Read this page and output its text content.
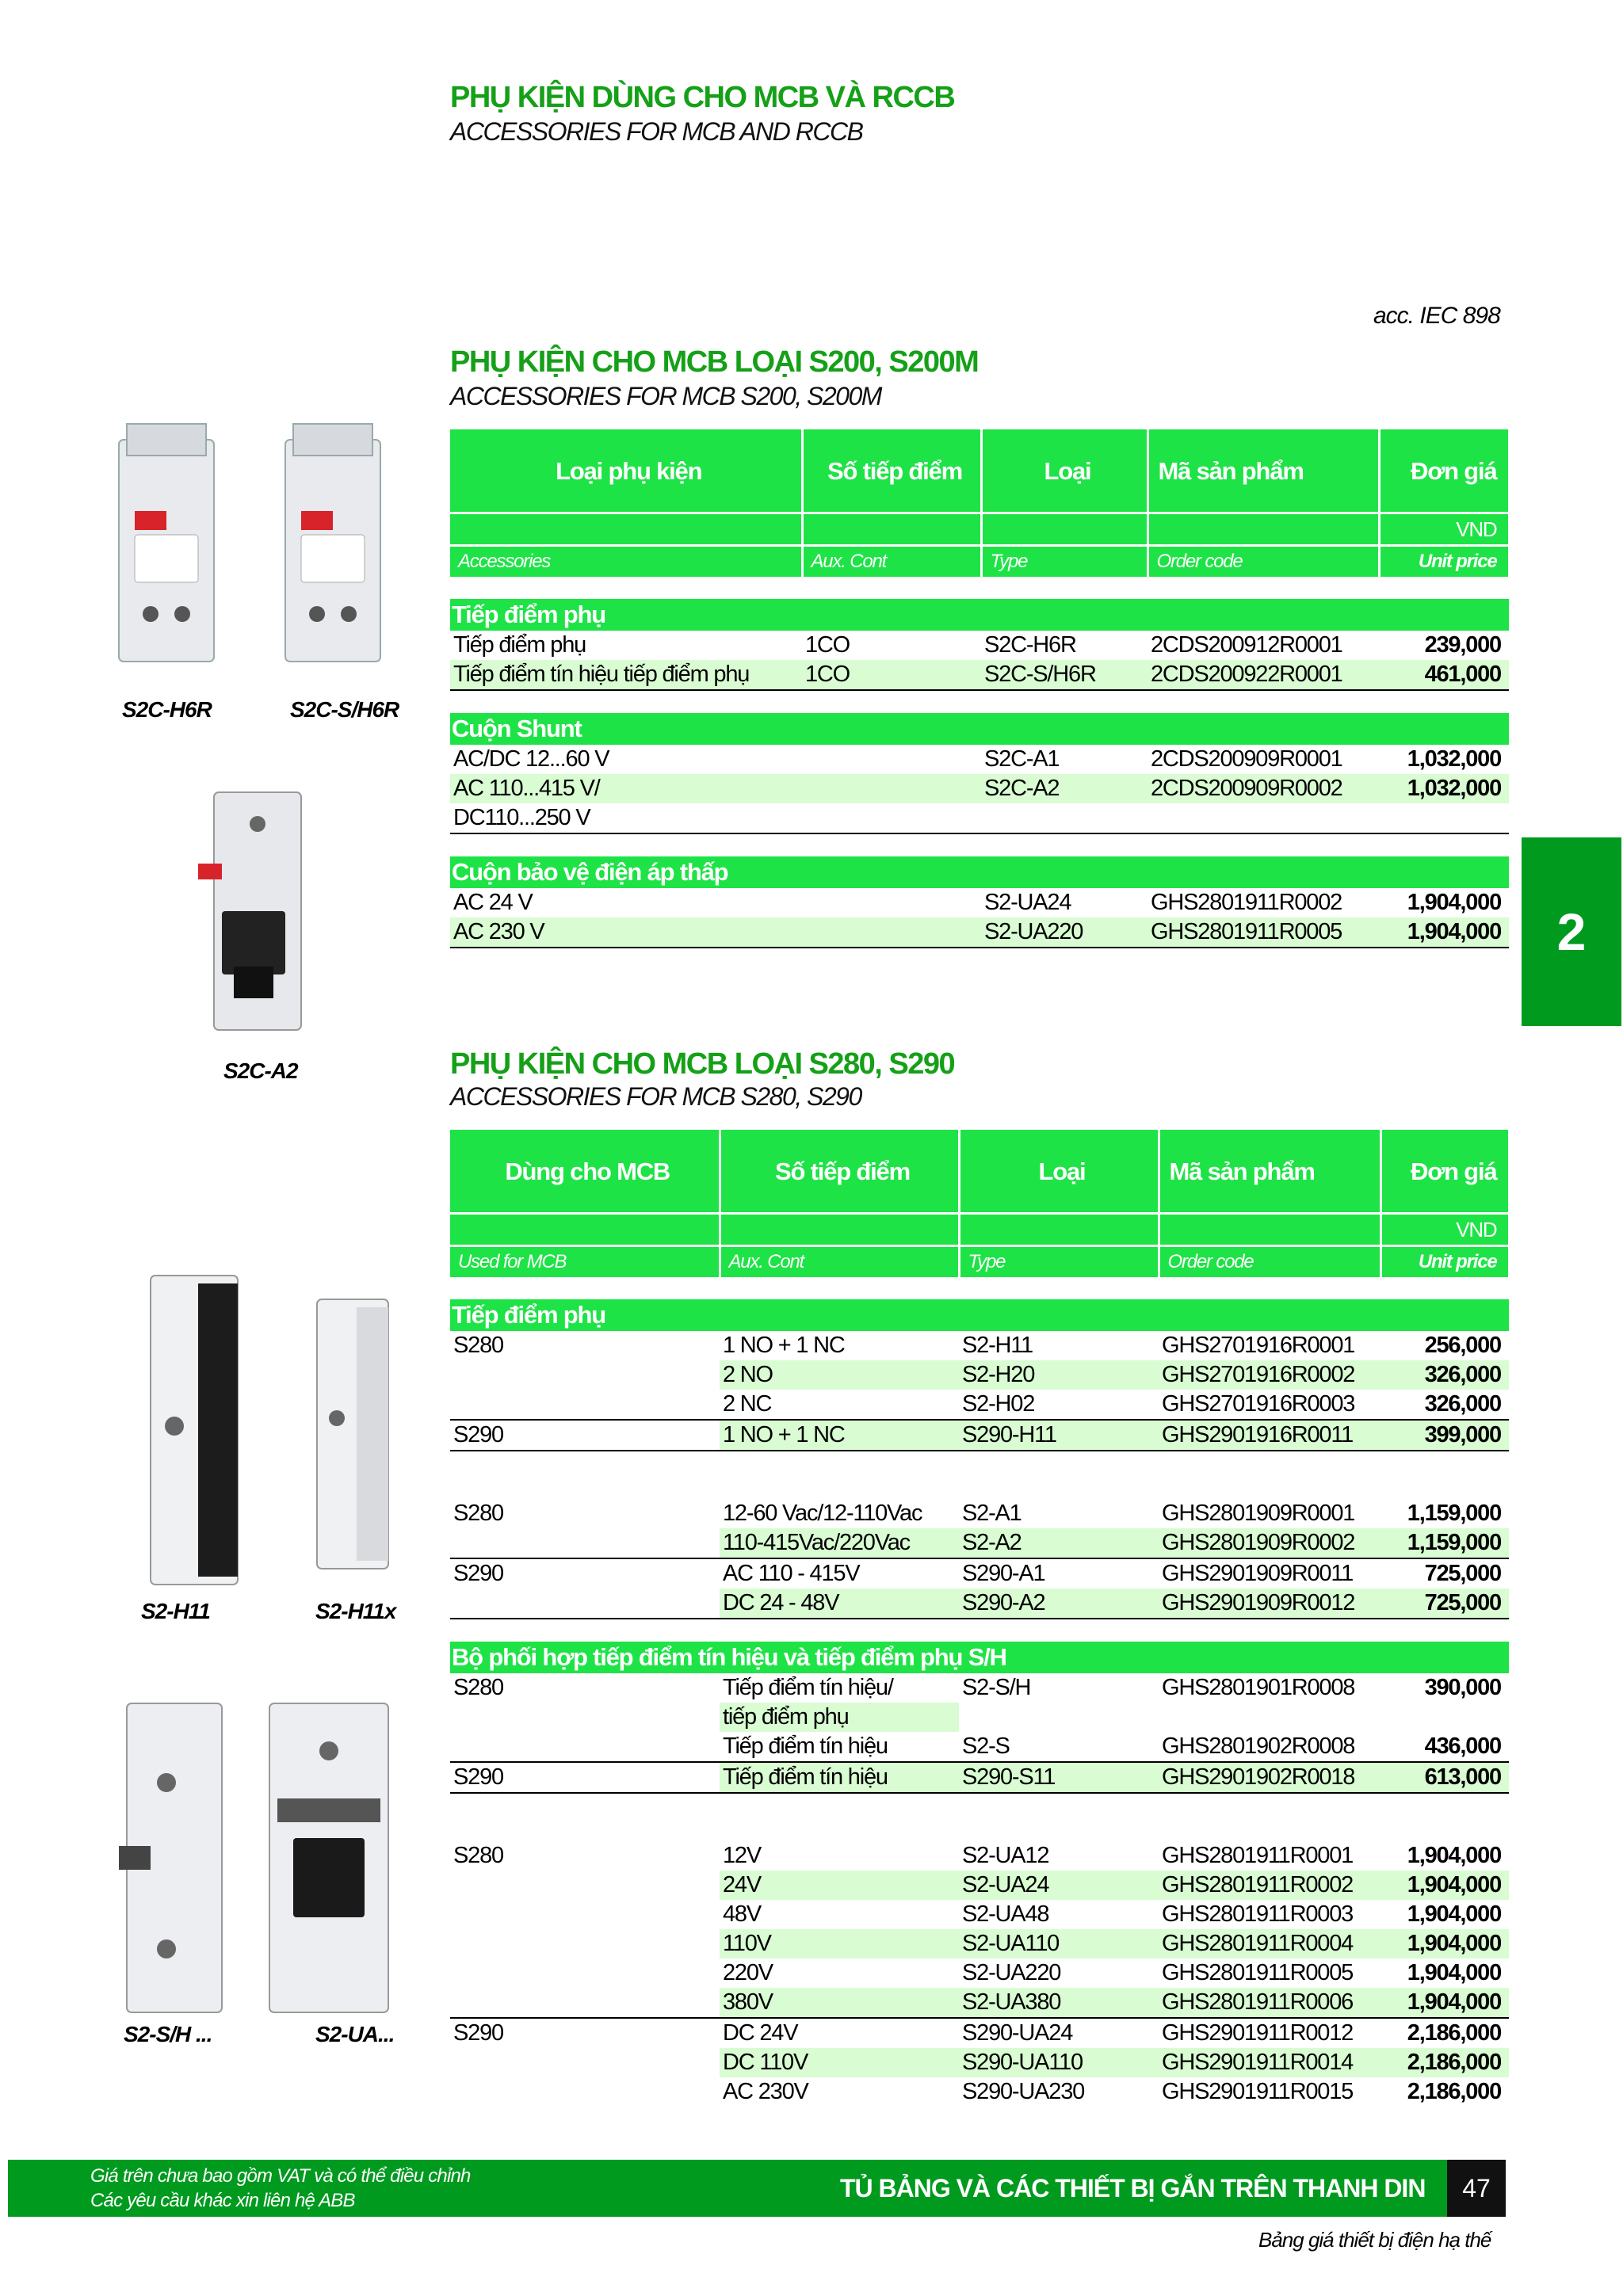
PHỤ KIỆN DÙNG CHO MCB VÀ RCCB
ACCESSORIES FOR MCB AND RCCB
acc. IEC 898
PHỤ KIỆN CHO MCB LOẠI S200, S200M
ACCESSORIES FOR MCB S200, S200M
Loại phụ kiện	Số tiếp điểm	Loại	Mã sản phẩm	Đơn giá
				VND
Accessories	Aux. Cont	Type	Order code	Unit price

Tiếp điểm phụ				
Tiếp điểm phụ	1CO	S2C-H6R	2CDS200912R0001	239,000
Tiếp điểm tín hiệu tiếp điểm phụ	1CO	S2C-S/H6R	2CDS200922R0001	461,000

Cuộn Shunt				
AC/DC 12...60 V		S2C-A1	2CDS200909R0001	1,032,000
AC 110...415 V/		S2C-A2	2CDS200909R0002	1,032,000
DC110...250 V				

Cuộn bảo vệ điện áp thấp				
AC 24 V		S2-UA24	GHS2801911R0002	1,904,000
AC 230 V		S2-UA220	GHS2801911R0005	1,904,000	2
PHỤ KIỆN CHO MCB LOẠI S280, S290
ACCESSORIES FOR MCB S280, S290
Dùng cho MCB	Số tiếp điểm	Loại	Mã sản phẩm	Đơn giá
				VND
Used for MCB	Aux. Cont	Type	Order code	Unit price

Tiếp điểm phụ				
S280	1 NO + 1 NC	S2-H11	GHS2701916R0001	256,000
	2 NO	S2-H20	GHS2701916R0002	326,000
	2 NC	S2-H02	GHS2701916R0003	326,000
S290	1 NO + 1 NC	S290-H11	GHS2901916R0011	399,000

S280	12-60 Vac/12-110Vac	S2-A1	GHS2801909R0001	1,159,000
	110-415Vac/220Vac	S2-A2	GHS2801909R0002	1,159,000
S290	AC 110 - 415V	S290-A1	GHS2901909R0011	725,000
	DC 24 - 48V	S290-A2	GHS2901909R0012	725,000

Bộ phối hợp tiếp điểm tín hiệu và tiếp điểm phụ S/H				
S280	Tiếp điểm tín hiệu/	S2-S/H	GHS2801901R0008	390,000
	tiếp điểm phụ			
	Tiếp điểm tín hiệu	S2-S	GHS2801902R0008	436,000
S290	Tiếp điểm tín hiệu	S290-S11	GHS2901902R0018	613,000

S280	12V	S2-UA12	GHS2801911R0001	1,904,000
	24V	S2-UA24	GHS2801911R0002	1,904,000
	48V	S2-UA48	GHS2801911R0003	1,904,000
	110V	S2-UA110	GHS2801911R0004	1,904,000
	220V	S2-UA220	GHS2801911R0005	1,904,000
	380V	S2-UA380	GHS2801911R0006	1,904,000
S290	DC 24V	S290-UA24	GHS2901911R0012	2,186,000
	DC 110V	S290-UA110	GHS2901911R0014	2,186,000
	AC 230V	S290-UA230	GHS2901911R0015	2,186,000
S2C-H6R	S2C-S/H6R
S2C-A2
S2-H11	S2-H11x
S2-S/H ...	S2-UA...
Giá trên chưa bao gồm VAT và có thể điều chỉnh
Các yêu cầu khác xin liên hệ ABB	TỦ BẢNG VÀ CÁC THIẾT BỊ GẮN TRÊN THANH DIN	47
Bảng giá thiết bị điện hạ thế
